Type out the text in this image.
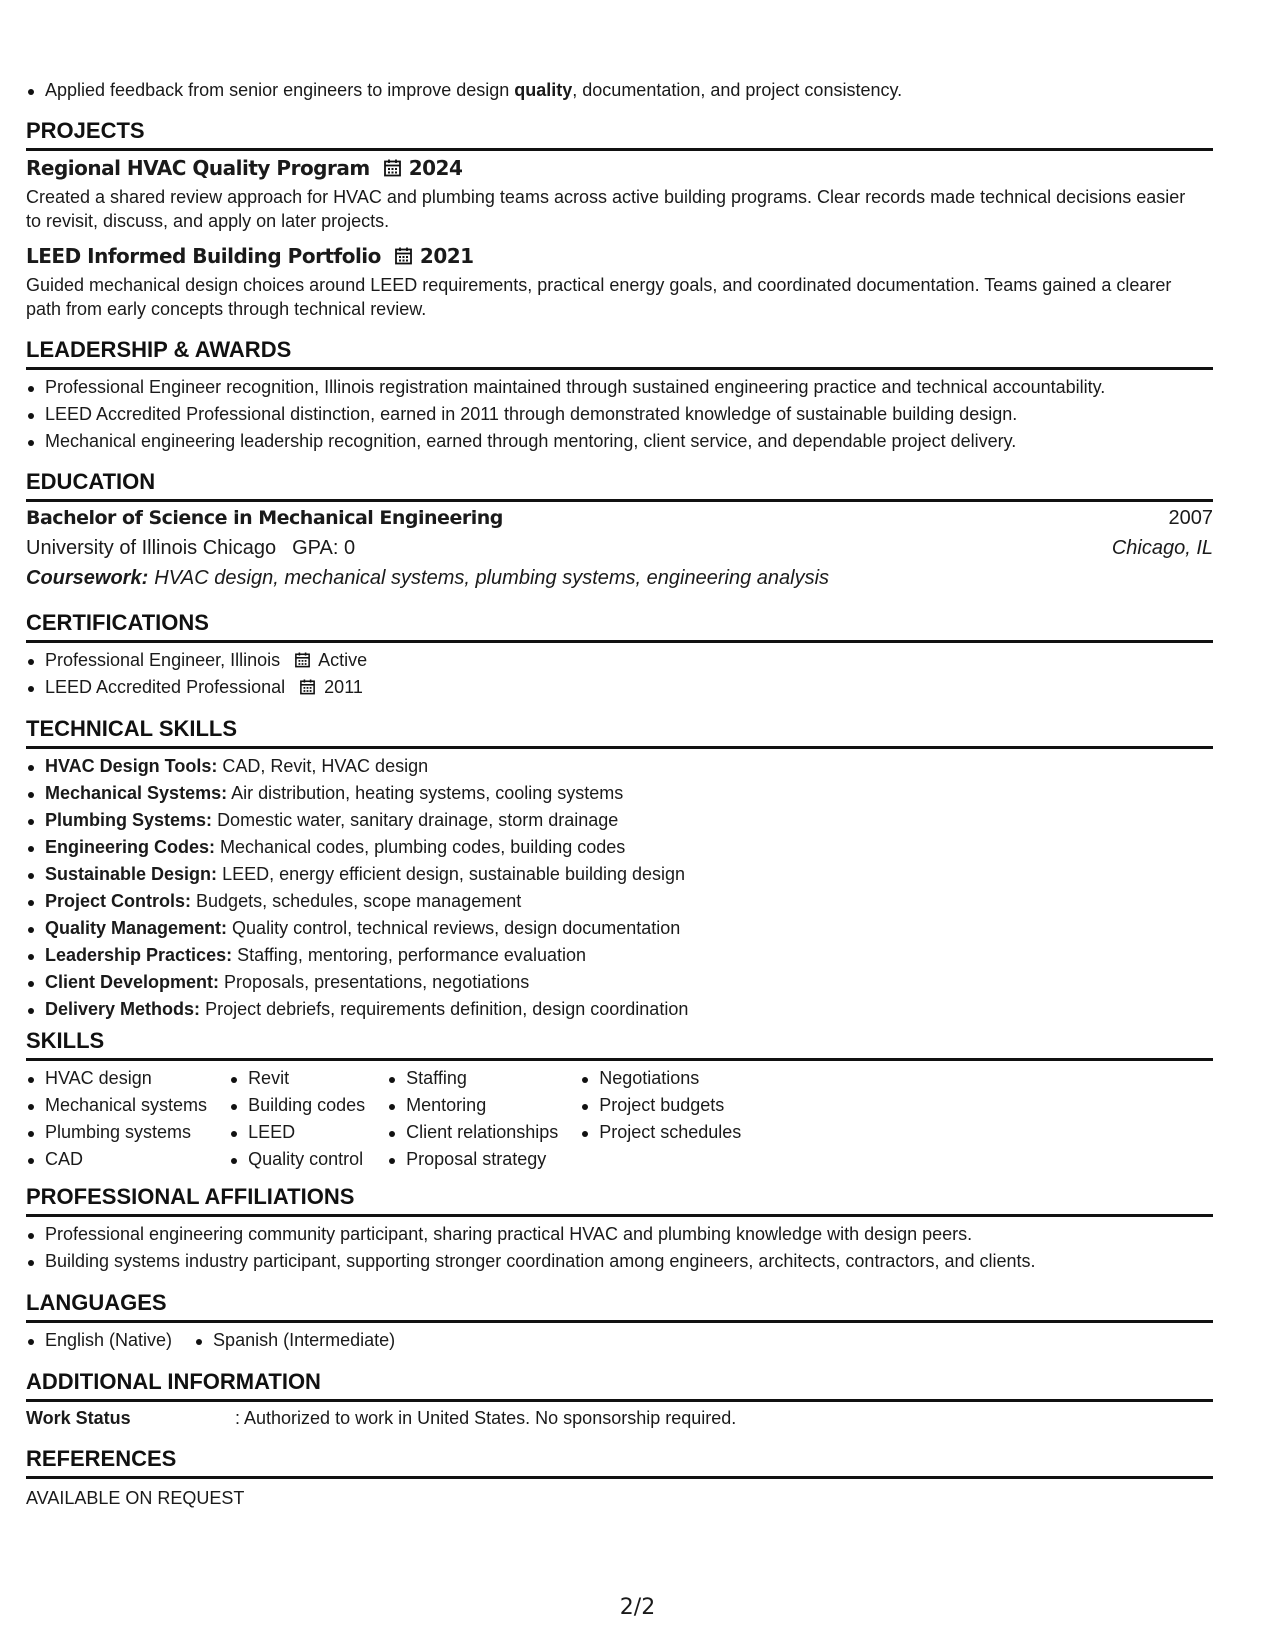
Applied feedback from senior engineers to improve design quality, documentation, and project consistency.
PROJECTS
Regional HVAC Quality Program 2024
Created a shared review approach for HVAC and plumbing teams across active building programs. Clear records made technical decisions easier to revisit, discuss, and apply on later projects.
LEED Informed Building Portfolio 2021
Guided mechanical design choices around LEED requirements, practical energy goals, and coordinated documentation. Teams gained a clearer path from early concepts through technical review.
LEADERSHIP & AWARDS
Professional Engineer recognition, Illinois registration maintained through sustained engineering practice and technical accountability.
LEED Accredited Professional distinction, earned in 2011 through demonstrated knowledge of sustainable building design.
Mechanical engineering leadership recognition, earned through mentoring, client service, and dependable project delivery.
EDUCATION
Bachelor of Science in Mechanical Engineering	2007
University of Illinois Chicago GPA: 0	Chicago, IL
Coursework: HVAC design, mechanical systems, plumbing systems, engineering analysis
CERTIFICATIONS
Professional Engineer, Illinois Active
LEED Accredited Professional 2011
TECHNICAL SKILLS
HVAC Design Tools: CAD, Revit, HVAC design
Mechanical Systems: Air distribution, heating systems, cooling systems
Plumbing Systems: Domestic water, sanitary drainage, storm drainage
Engineering Codes: Mechanical codes, plumbing codes, building codes
Sustainable Design: LEED, energy efficient design, sustainable building design
Project Controls: Budgets, schedules, scope management
Quality Management: Quality control, technical reviews, design documentation
Leadership Practices: Staffing, mentoring, performance evaluation
Client Development: Proposals, presentations, negotiations
Delivery Methods: Project debriefs, requirements definition, design coordination
SKILLS
HVAC design
Mechanical systems
Plumbing systems
CAD
Revit
Building codes
LEED
Quality control
Staffing
Mentoring
Client relationships
Proposal strategy
Negotiations
Project budgets
Project schedules
PROFESSIONAL AFFILIATIONS
Professional engineering community participant, sharing practical HVAC and plumbing knowledge with design peers.
Building systems industry participant, supporting stronger coordination among engineers, architects, contractors, and clients.
LANGUAGES
English (Native)	Spanish (Intermediate)
ADDITIONAL INFORMATION
Work Status	: Authorized to work in United States. No sponsorship required.
REFERENCES
AVAILABLE ON REQUEST
2/2
